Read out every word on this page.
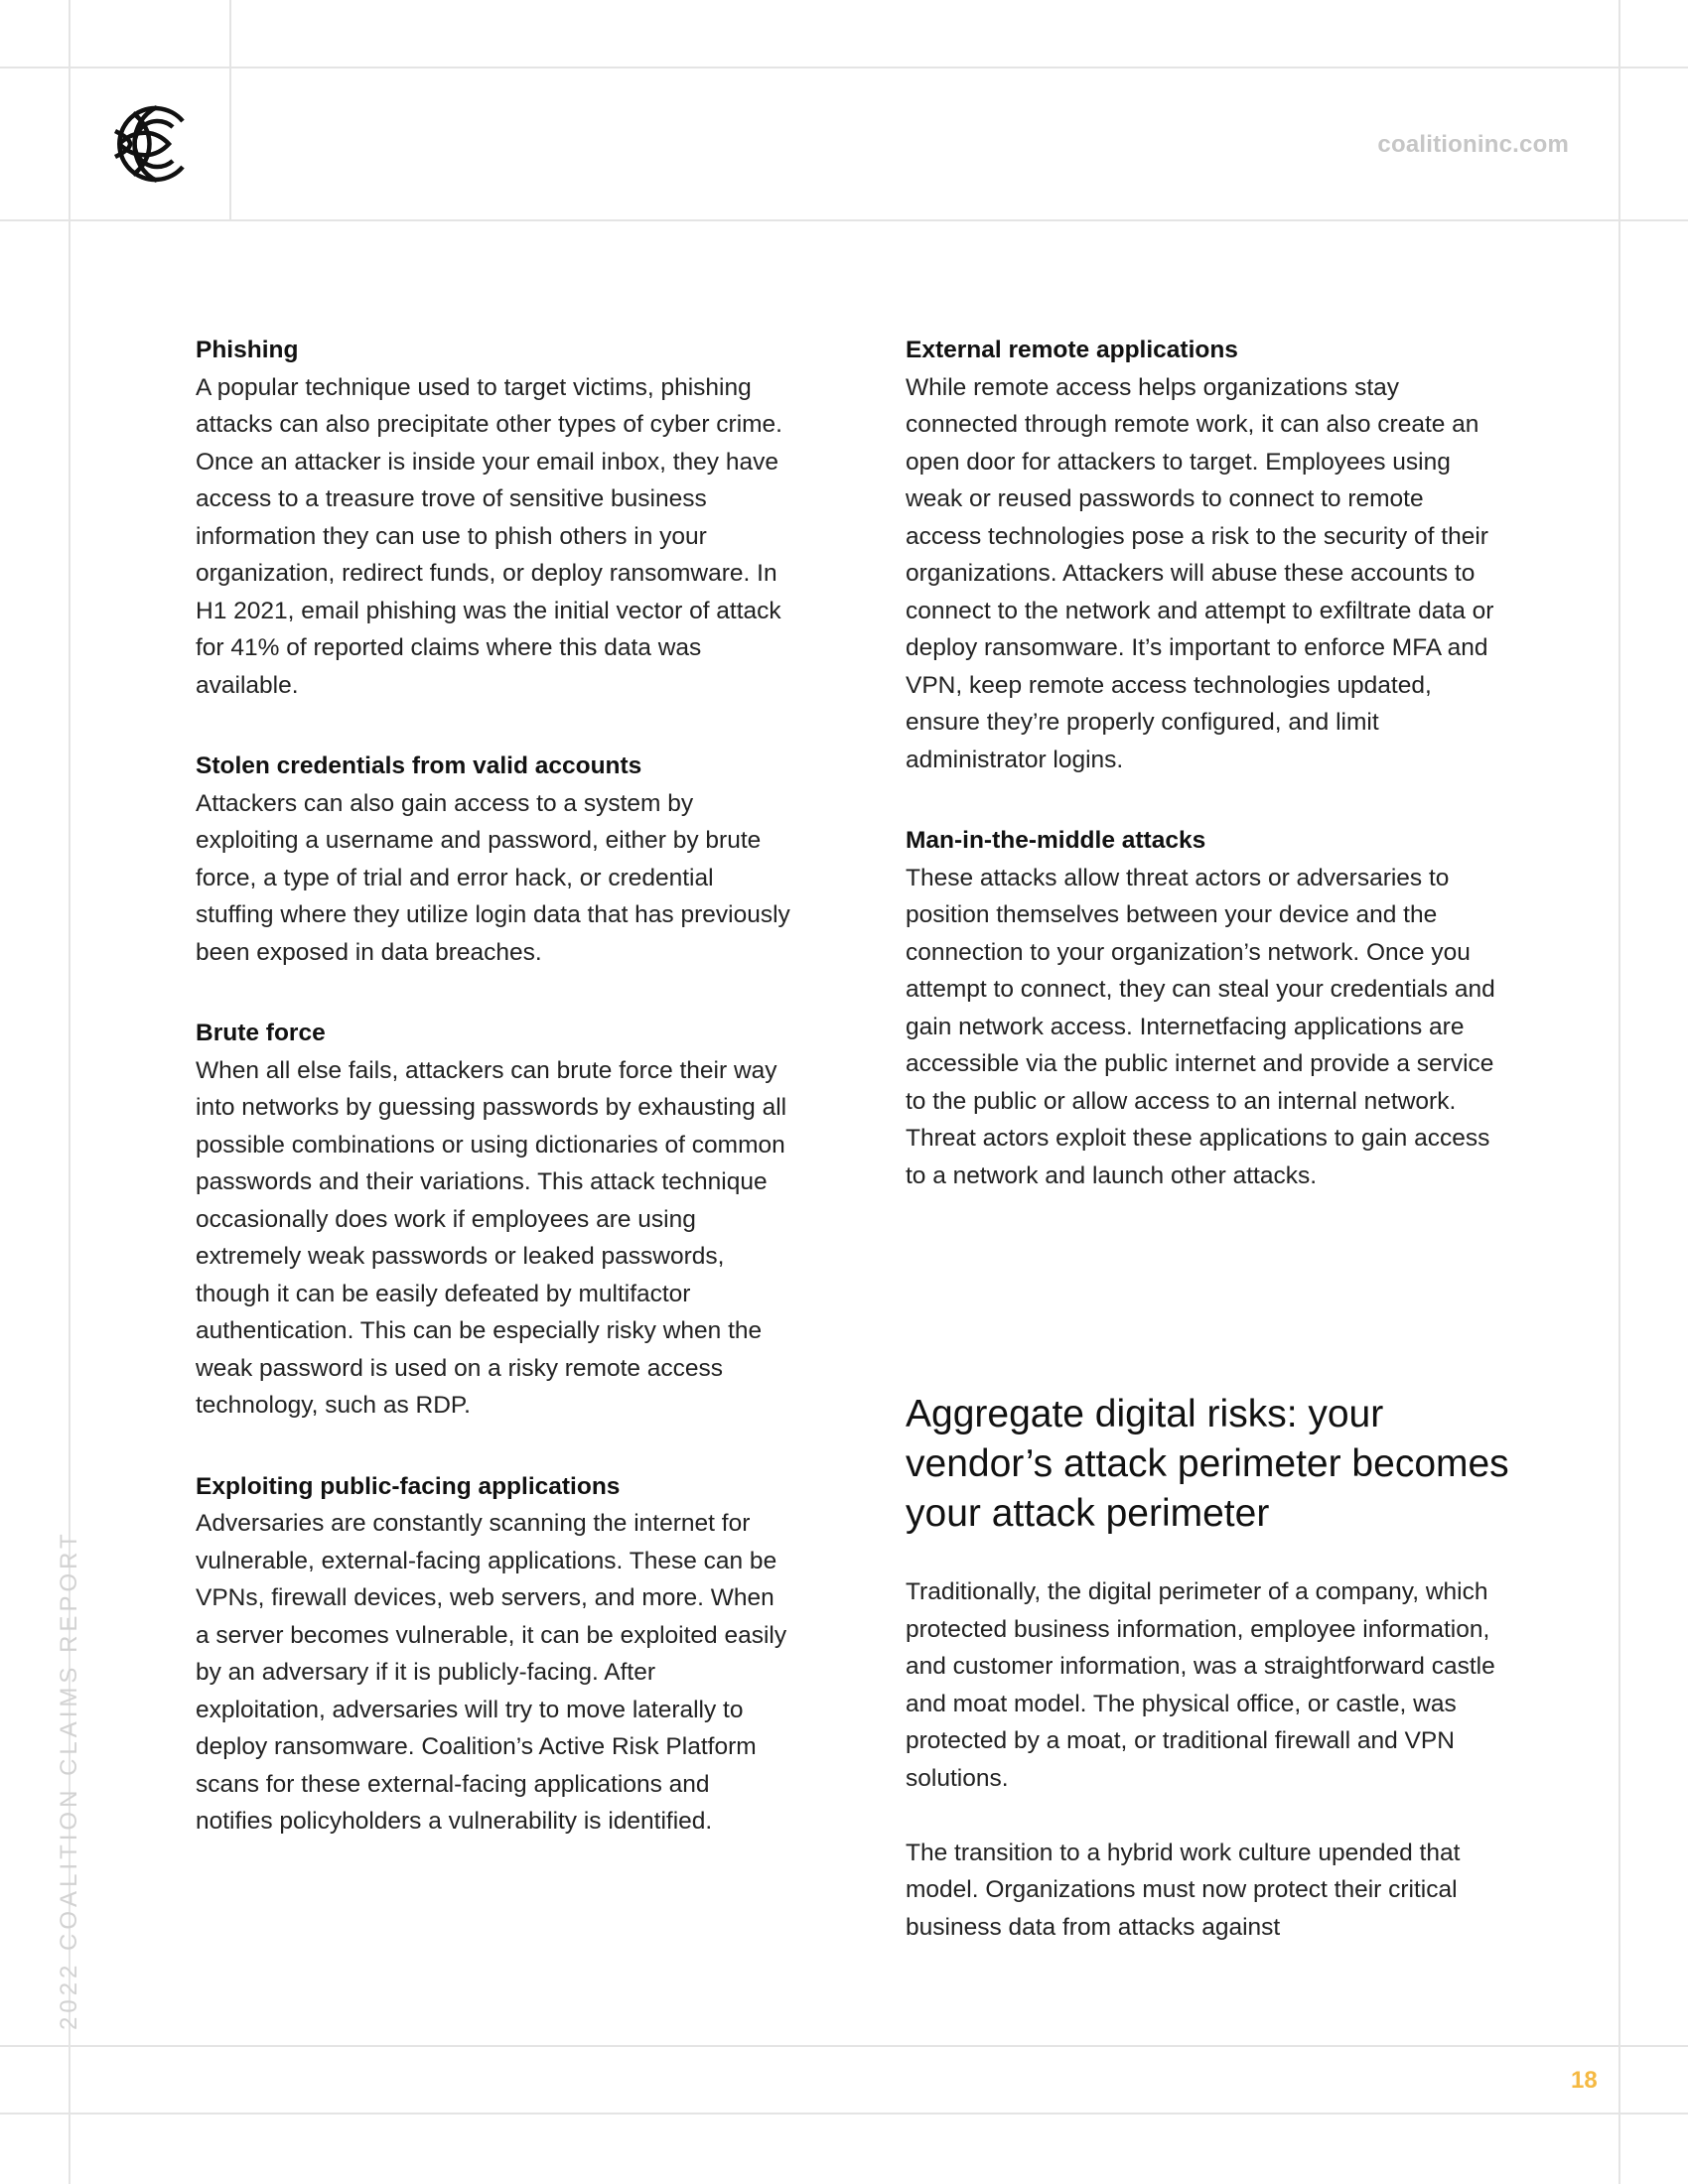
coalitioninc.com
2022 COALITION CLAIMS REPORT
18
Phishing

A popular technique used to target victims, phishing attacks can also precipitate other types of cyber crime. Once an attacker is inside your email inbox, they have access to a treasure trove of sensitive business information they can use to phish others in your organization, redirect funds, or deploy ransomware. In H1 2021, email phishing was the initial vector of attack for 41% of reported claims where this data was available.

Stolen credentials from valid accounts

Attackers can also gain access to a system by exploiting a username and password, either by brute force, a type of trial and error hack, or credential stuffing where they utilize login data that has previously been exposed in data breaches.

Brute force

When all else fails, attackers can brute force their way into networks by guessing passwords by exhausting all possible combinations or using dictionaries of common passwords and their variations. This attack technique occasionally does work if employees are using extremely weak passwords or leaked passwords, though it can be easily defeated by multifactor authentication. This can be especially risky when the weak password is used on a risky remote access technology, such as RDP.

Exploiting public-facing applications

Adversaries are constantly scanning the internet for vulnerable, external-facing applications. These can be VPNs, firewall devices, web servers, and more. When a server becomes vulnerable, it can be exploited easily by an adversary if it is publicly-facing. After exploitation, adversaries will try to move laterally to deploy ransomware. Coalition’s Active Risk Platform scans for these external-facing applications and notifies policyholders a vulnerability is identified.

External remote applications

While remote access helps organizations stay connected through remote work, it can also create an open door for attackers to target. Employees using weak or reused passwords to connect to remote access technologies pose a risk to the security of their organizations. Attackers will abuse these accounts to connect to the network and attempt to exfiltrate data or deploy ransomware. It’s important to enforce MFA and VPN, keep remote access technologies updated, ensure they’re properly configured, and limit administrator logins.

Man-in-the-middle attacks

These attacks allow threat actors or adversaries to position themselves between your device and the connection to your organization’s network. Once you attempt to connect, they can steal your credentials and gain network access. Internetfacing applications are accessible via the public internet and provide a service to the public or allow access to an internal network. Threat actors exploit these applications to gain access to a network and launch other attacks.

Aggregate digital risks: your vendor’s attack perimeter becomes your attack perimeter

Traditionally, the digital perimeter of a company, which protected business information, employee information, and customer information, was a straightforward castle and moat model. The physical office, or castle, was protected by a moat, or traditional firewall and VPN solutions.

The transition to a hybrid work culture upended that model. Organizations must now protect their critical business data from attacks against
